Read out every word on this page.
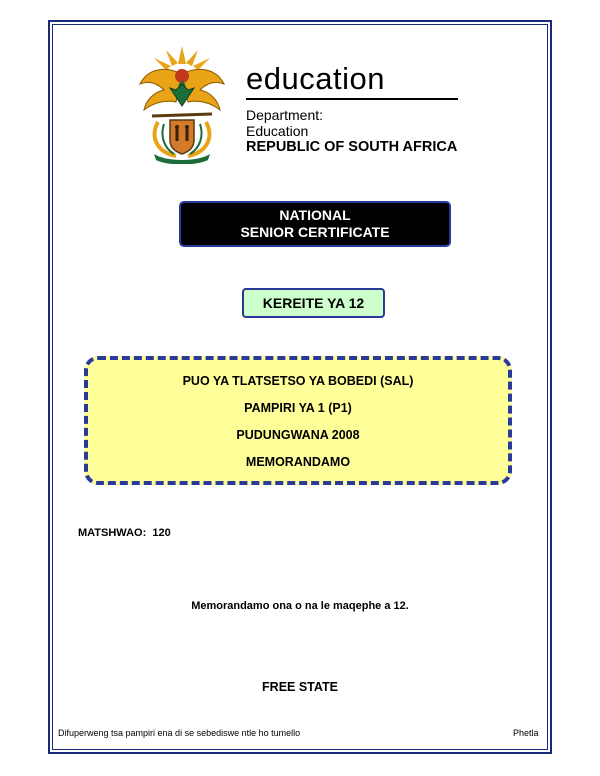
education
Department:
Education
REPUBLIC OF SOUTH AFRICA
NATIONAL
SENIOR CERTIFICATE
KEREITE YA 12
PUO YA TLATSETSO YA BOBEDI (SAL)
PAMPIRI YA 1 (P1)
PUDUNGWANA 2008
MEMORANDAMO
MATSHWAO:  120
Memorandamo ona o na le maqephe a 12.
FREE STATE
Difuperweng tsa pampiri ena di se sebediswe ntle ho tumello	Phetla
